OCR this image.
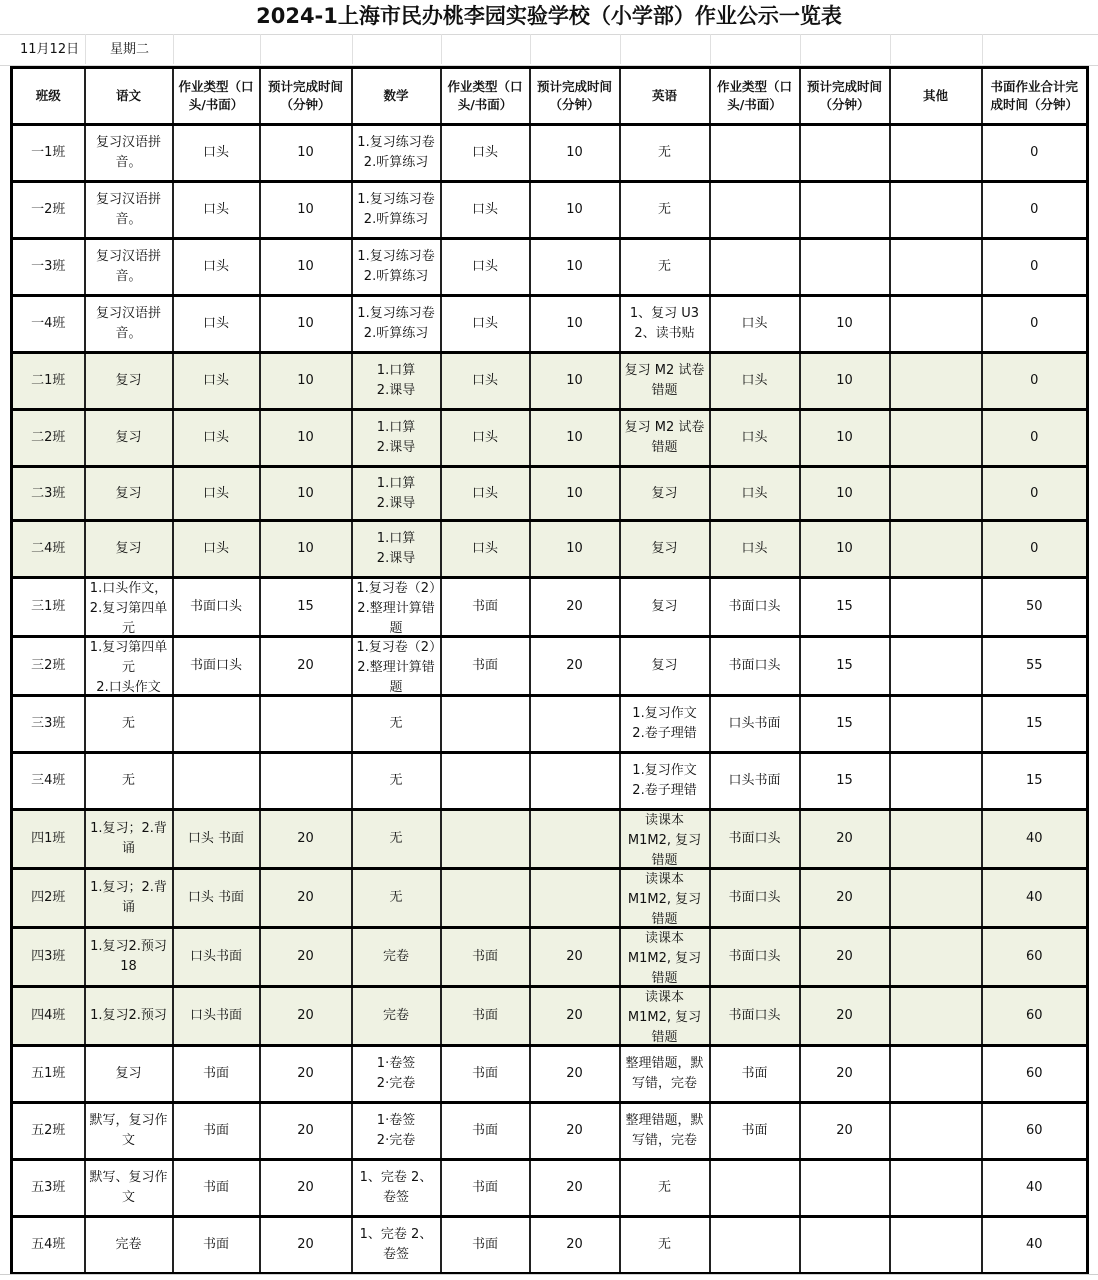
2024-1上海市民办桃李园实验学校（小学部）作业公示一览表
11月12日 星期二
班级	语文	作业类型（口头/书面）	预计完成时间（分钟）	数学	作业类型（口头/书面）	预计完成时间（分钟）	英语	作业类型（口头/书面）	预计完成时间（分钟）	其他	书面作业合计完成时间（分钟）

一1班	复习汉语拼音。	口头	10	1.复习练习卷
2.听算练习	口头	10	无				0

一2班	复习汉语拼音。	口头	10	1.复习练习卷
2.听算练习	口头	10	无				0

一3班	复习汉语拼音。	口头	10	1.复习练习卷
2.听算练习	口头	10	无				0

一4班	复习汉语拼音。	口头	10	1.复习练习卷
2.听算练习	口头	10	1、复习 U3
2、读书贴	口头	10		0

二1班	复习	口头	10	1.口算
2.课导	口头	10	复习 M2 试卷错题	口头	10		0

二2班	复习	口头	10	1.口算
2.课导	口头	10	复习 M2 试卷错题	口头	10		0

二3班	复习	口头	10	1.口算
2.课导	口头	10	复习	口头	10		0

二4班	复习	口头	10	1.口算
2.课导	口头	10	复习	口头	10		0

三1班	1.口头作文，2.复习第四单元	书面口头	15	1.复习卷（2）2.整理计算错题	书面	20	复习	书面口头	15		50

三2班	1.复习第四单元
2.口头作文	书面口头	20	1.复习卷（2）2.整理计算错题	书面	20	复习	书面口头	15		55

三3班	无			无			1.复习作文
2.卷子理错	口头书面	15		15

三4班	无			无			1.复习作文
2.卷子理错	口头书面	15		15

四1班	1.复习；2.背诵	口头 书面	20	无			读课本 M1M2, 复习错题	书面口头	20		40

四2班	1.复习；2.背诵	口头 书面	20	无			读课本 M1M2, 复习错题	书面口头	20		40

四3班	1.复习2.预习18	口头书面	20	完卷	书面	20	读课本 M1M2, 复习错题	书面口头	20		60

四4班	1.复习2.预习	口头书面	20	完卷	书面	20	读课本 M1M2, 复习错题	书面口头	20		60

五1班	复习	书面	20	1·卷签
2·完卷	书面	20	整理错题，默写错，完卷	书面	20		60

五2班	默写，复习作文	书面	20	1·卷签
2·完卷	书面	20	整理错题，默写错，完卷	书面	20		60

五3班	默写、复习作文	书面	20	1、完卷 2、卷签	书面	20	无				40

五4班	完卷	书面	20	1、完卷 2、卷签	书面	20	无				40
